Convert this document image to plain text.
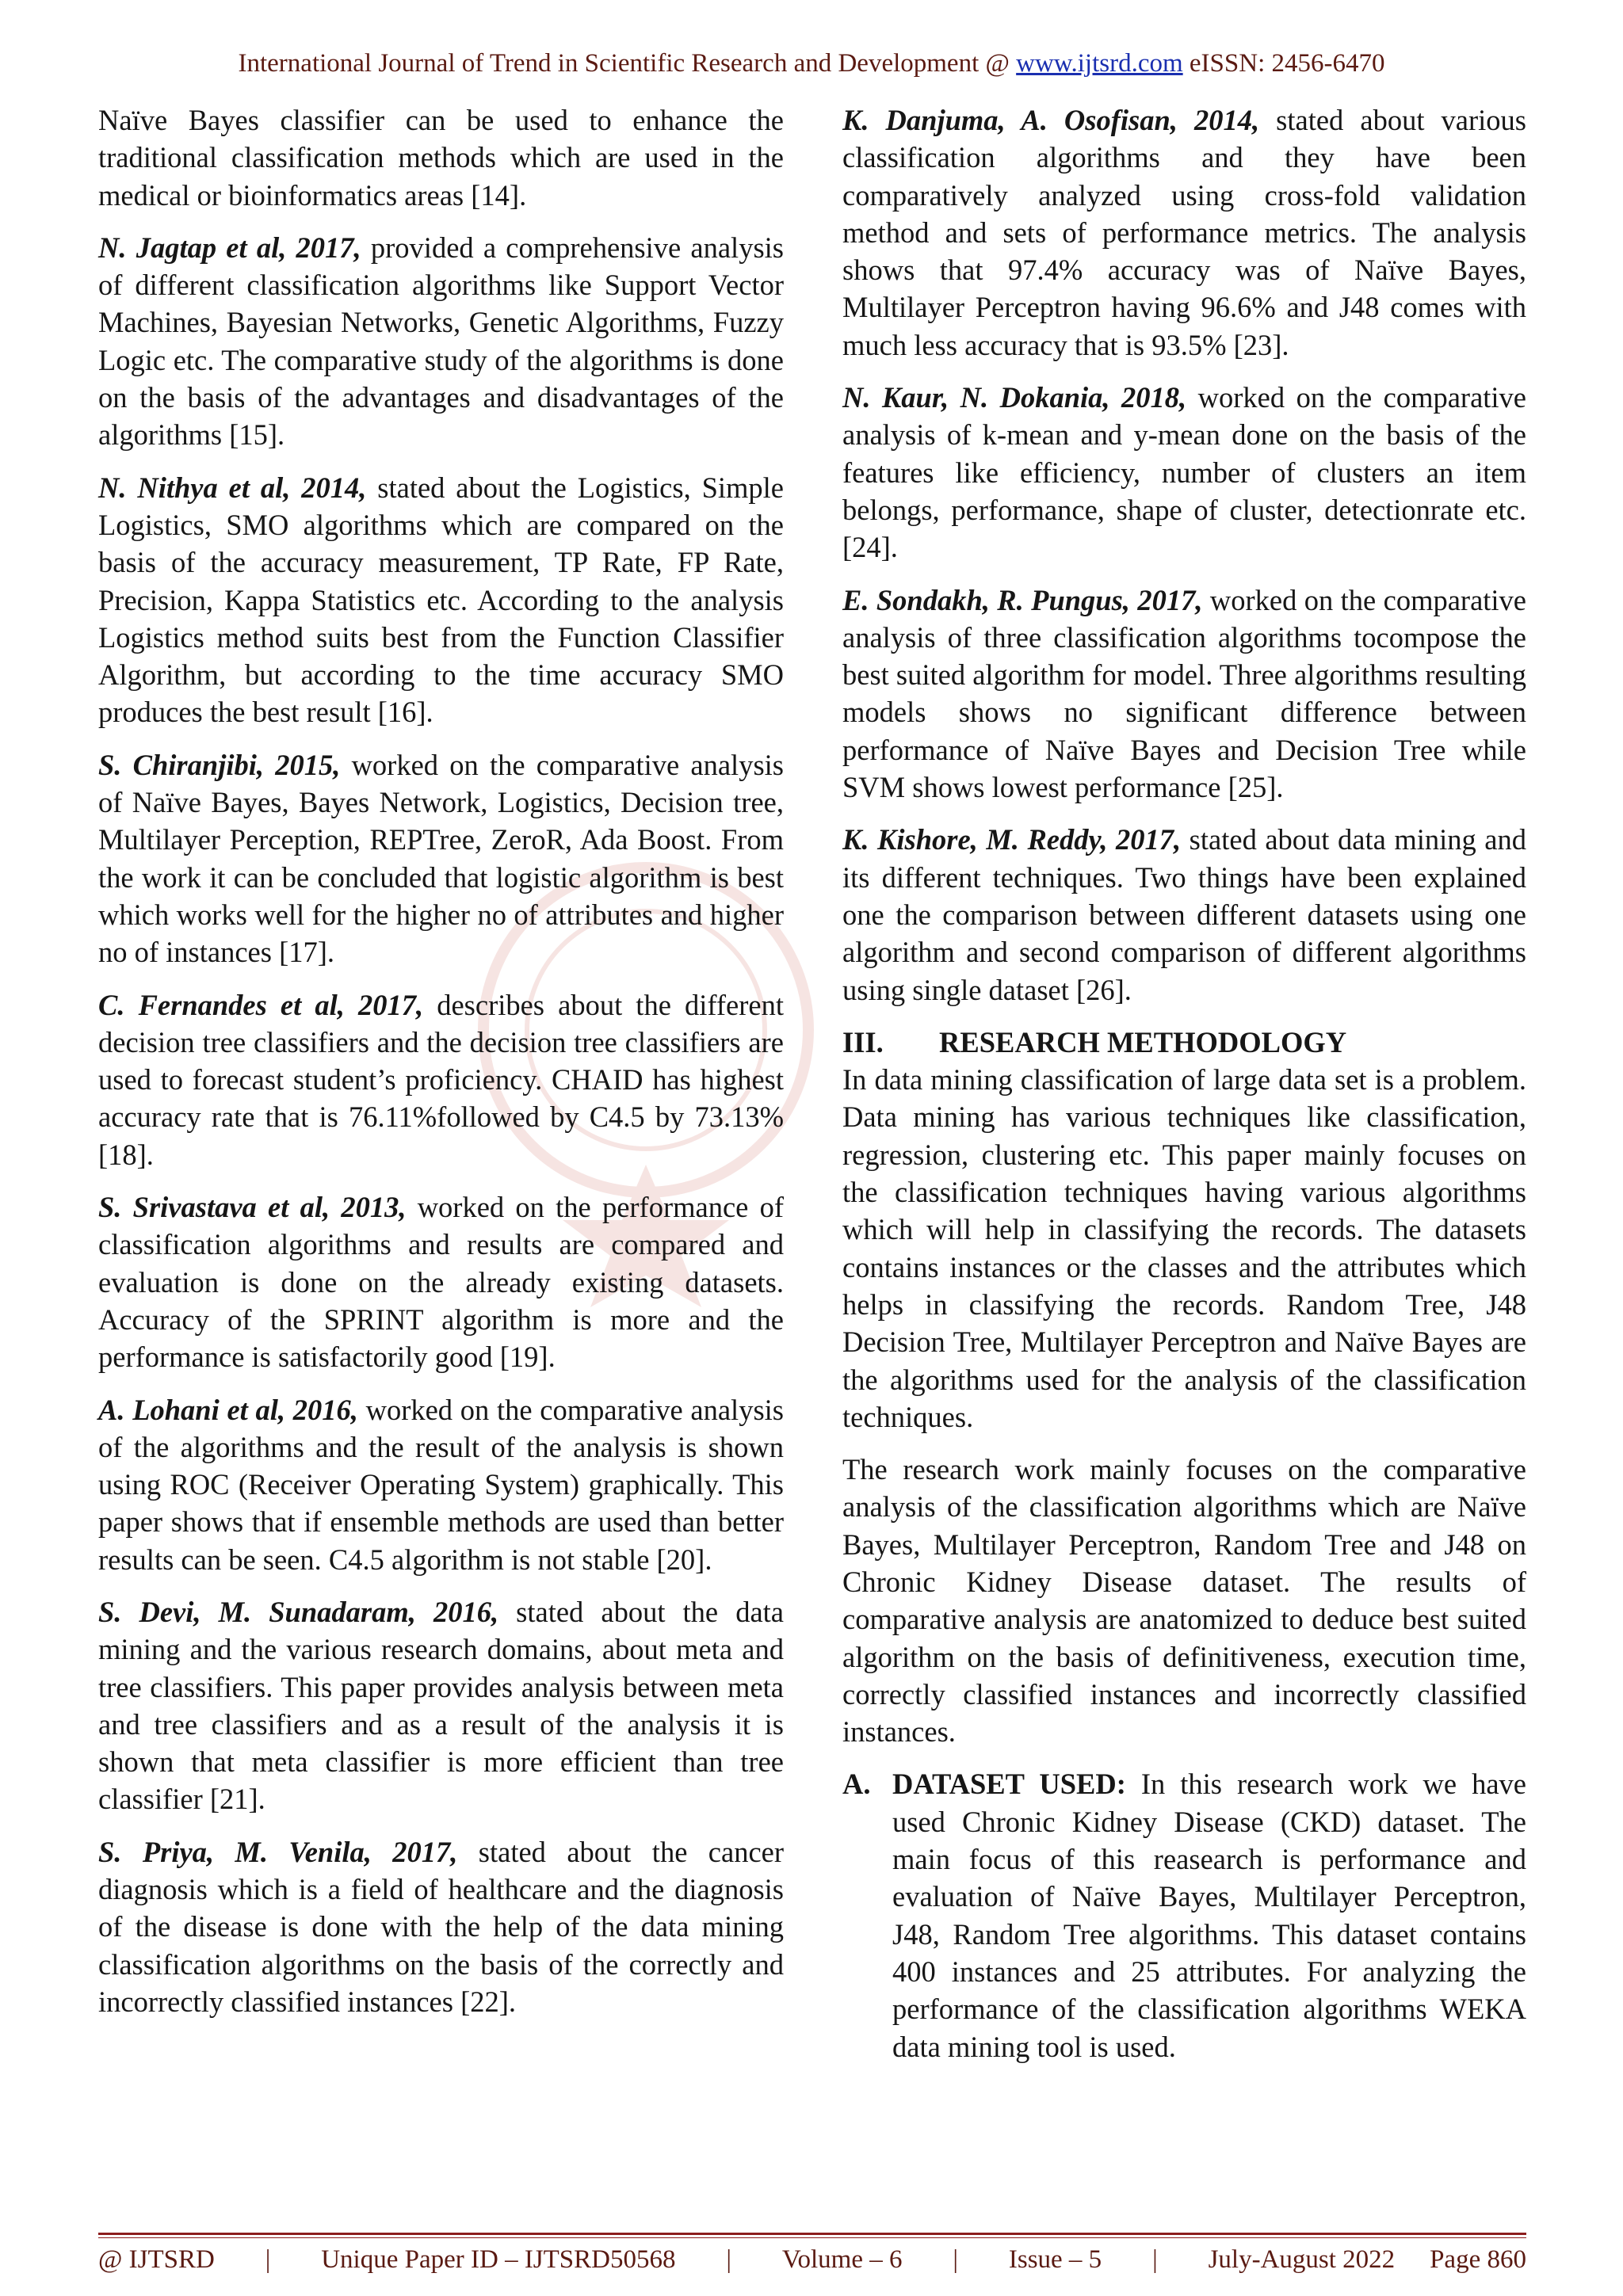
International Journal of Trend in Scientific Research and Development @ www.ijtsrd.com eISSN: 2456-6470

Naïve Bayes classifier can be used to enhance the traditional classification methods which are used in the medical or bioinformatics areas [14].

N. Jagtap et al, 2017, provided a comprehensive analysis of different classification algorithms like Support Vector Machines, Bayesian Networks, Genetic Algorithms, Fuzzy Logic etc. The comparative study of the algorithms is done on the basis of the advantages and disadvantages of the algorithms [15].

N. Nithya et al, 2014, stated about the Logistics, Simple Logistics, SMO algorithms which are compared on the basis of the accuracy measurement, TP Rate, FP Rate, Precision, Kappa Statistics etc. According to the analysis Logistics method suits best from the Function Classifier Algorithm, but according to the time accuracy SMO produces the best result [16].

S. Chiranjibi, 2015, worked on the comparative analysis of Naïve Bayes, Bayes Network, Logistics, Decision tree, Multilayer Perception, REPTree, ZeroR, Ada Boost. From the work it can be concluded that logistic algorithm is best which works well for the higher no of attributes and higher no of instances [17].

C. Fernandes et al, 2017, describes about the different decision tree classifiers and the decision tree classifiers are used to forecast student’s proficiency. CHAID has highest accuracy rate that is 76.11%followed by C4.5 by 73.13% [18].

S. Srivastava et al, 2013, worked on the performance of classification algorithms and results are compared and evaluation is done on the already existing datasets. Accuracy of the SPRINT algorithm is more and the performance is satisfactorily good [19].

A. Lohani et al, 2016, worked on the comparative analysis of the algorithms and the result of the analysis is shown using ROC (Receiver Operating System) graphically. This paper shows that if ensemble methods are used than better results can be seen. C4.5 algorithm is not stable [20].

S. Devi, M. Sunadaram, 2016, stated about the data mining and the various research domains, about meta and tree classifiers. This paper provides analysis between meta and tree classifiers and as a result of the analysis it is shown that meta classifier is more efficient than tree classifier [21].

S. Priya, M. Venila, 2017, stated about the cancer diagnosis which is a field of healthcare and the diagnosis of the disease is done with the help of the data mining classification algorithms on the basis of the correctly and incorrectly classified instances [22].

K. Danjuma, A. Osofisan, 2014, stated about various classification algorithms and they have been comparatively analyzed using cross-fold validation method and sets of performance metrics. The analysis shows that 97.4% accuracy was of Naïve Bayes, Multilayer Perceptron having 96.6% and J48 comes with much less accuracy that is 93.5% [23].

N. Kaur, N. Dokania, 2018, worked on the comparative analysis of k-mean and y-mean done on the basis of the features like efficiency, number of clusters an item belongs, performance, shape of cluster, detectionrate etc.[24].

E. Sondakh, R. Pungus, 2017, worked on the comparative analysis of three classification algorithms tocompose the best suited algorithm for model. Three algorithms resulting models shows no significant difference between performance of Naïve Bayes and Decision Tree while SVM shows lowest performance [25].

K. Kishore, M. Reddy, 2017, stated about data mining and its different techniques. Two things have been explained one the comparison between different datasets using one algorithm and second comparison of different algorithms using single dataset [26].

III. RESEARCH METHODOLOGY

In data mining classification of large data set is a problem. Data mining has various techniques like classification, regression, clustering etc. This paper mainly focuses on the classification techniques having various algorithms which will help in classifying the records. The datasets contains instances or the classes and the attributes which helps in classifying the records. Random Tree, J48 Decision Tree, Multilayer Perceptron and Naïve Bayes are the algorithms used for the analysis of the classification techniques.

The research work mainly focuses on the comparative analysis of the classification algorithms which are Naïve Bayes, Multilayer Perceptron, Random Tree and J48 on Chronic Kidney Disease dataset. The results of comparative analysis are anatomized to deduce best suited algorithm on the basis of definitiveness, execution time, correctly classified instances and incorrectly classified instances.

A. DATASET USED: In this research work we have used Chronic Kidney Disease (CKD) dataset. The main focus of this reasearch is performance and evaluation of Naïve Bayes, Multilayer Perceptron, J48, Random Tree algorithms. This dataset contains 400 instances and 25 attributes. For analyzing the performance of the classification algorithms WEKA data mining tool is used.
@ IJTSRD	|	Unique Paper ID – IJTSRD50568	|	Volume – 6	|	Issue – 5	|	July-August 2022 Page 860
